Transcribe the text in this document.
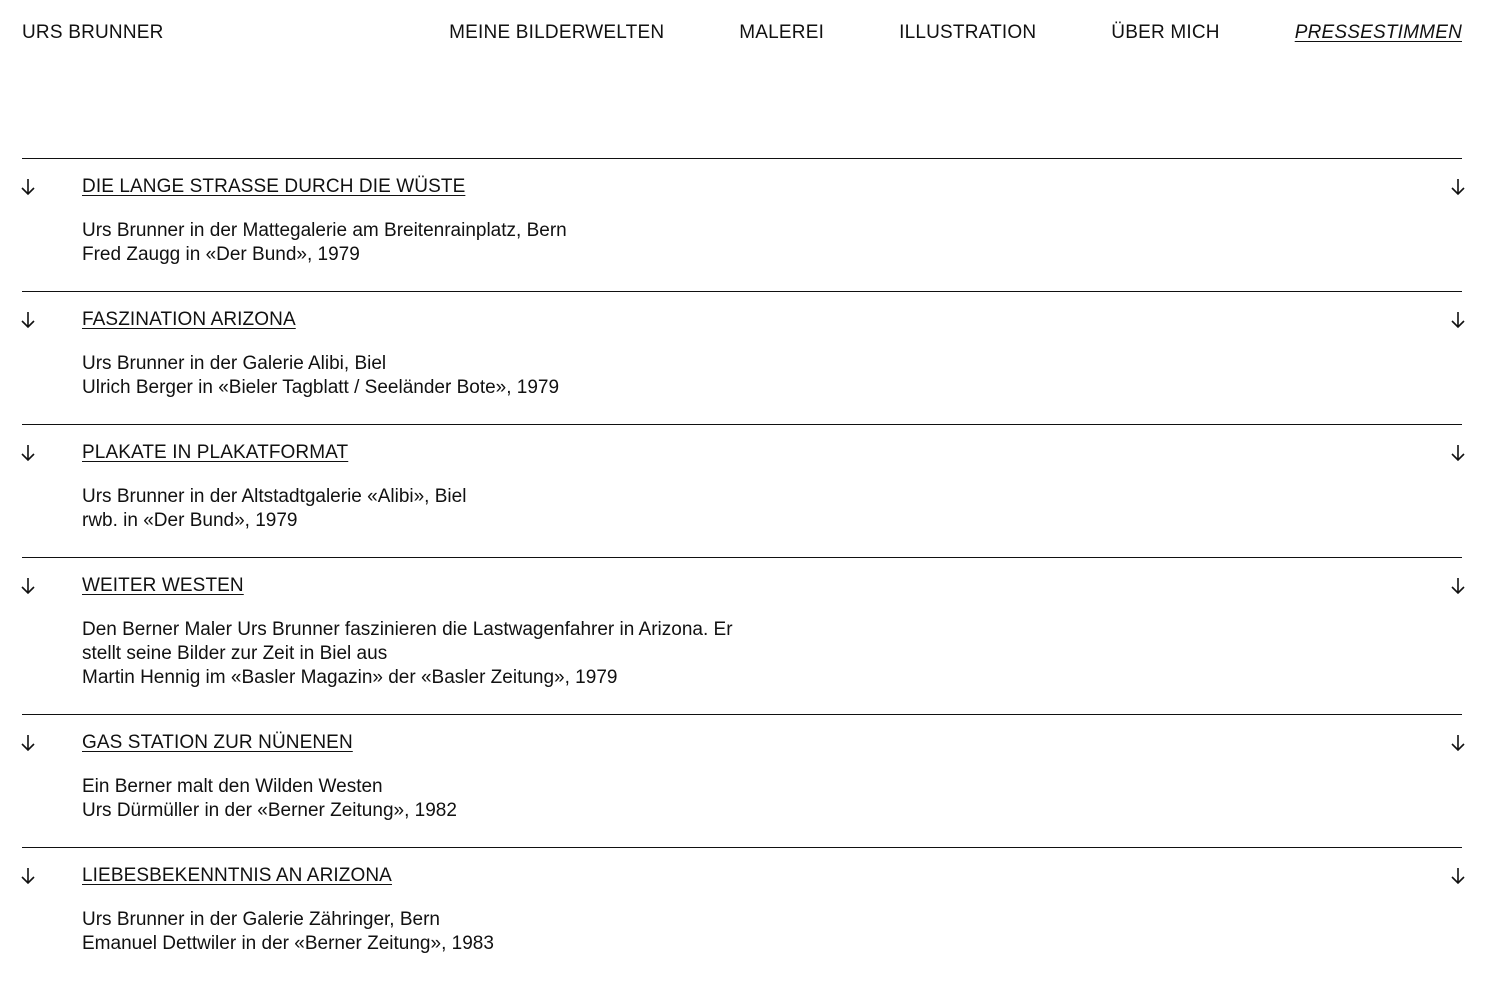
URS BRUNNER	MEINE BILDERWELTEN	MALEREI	ILLUSTRATION	ÜBER MICH	PRESSESTIMMEN
DIE LANGE STRASSE DURCH DIE WÜSTE

Urs Brunner in der Mattegalerie am Breitenrainplatz, Bern

Fred Zaugg in «Der Bund», 1979

FASZINATION ARIZONA

Urs Brunner in der Galerie Alibi, Biel

Ulrich Berger in «Bieler Tagblatt / Seeländer Bote», 1979

PLAKATE IN PLAKATFORMAT

Urs Brunner in der Altstadtgalerie «Alibi», Biel

rwb. in «Der Bund», 1979

WEITER WESTEN

Den Berner Maler Urs Brunner faszinieren die Lastwagenfahrer in Arizona. Er stellt seine Bilder zur Zeit in Biel aus

Martin Hennig im «Basler Magazin» der «Basler Zeitung», 1979

GAS STATION ZUR NÜNENEN

Ein Berner malt den Wilden Westen

Urs Dürmüller in der «Berner Zeitung», 1982

LIEBESBEKENNTNIS AN ARIZONA

Urs Brunner in der Galerie Zähringer, Bern

Emanuel Dettwiler in der «Berner Zeitung», 1983
